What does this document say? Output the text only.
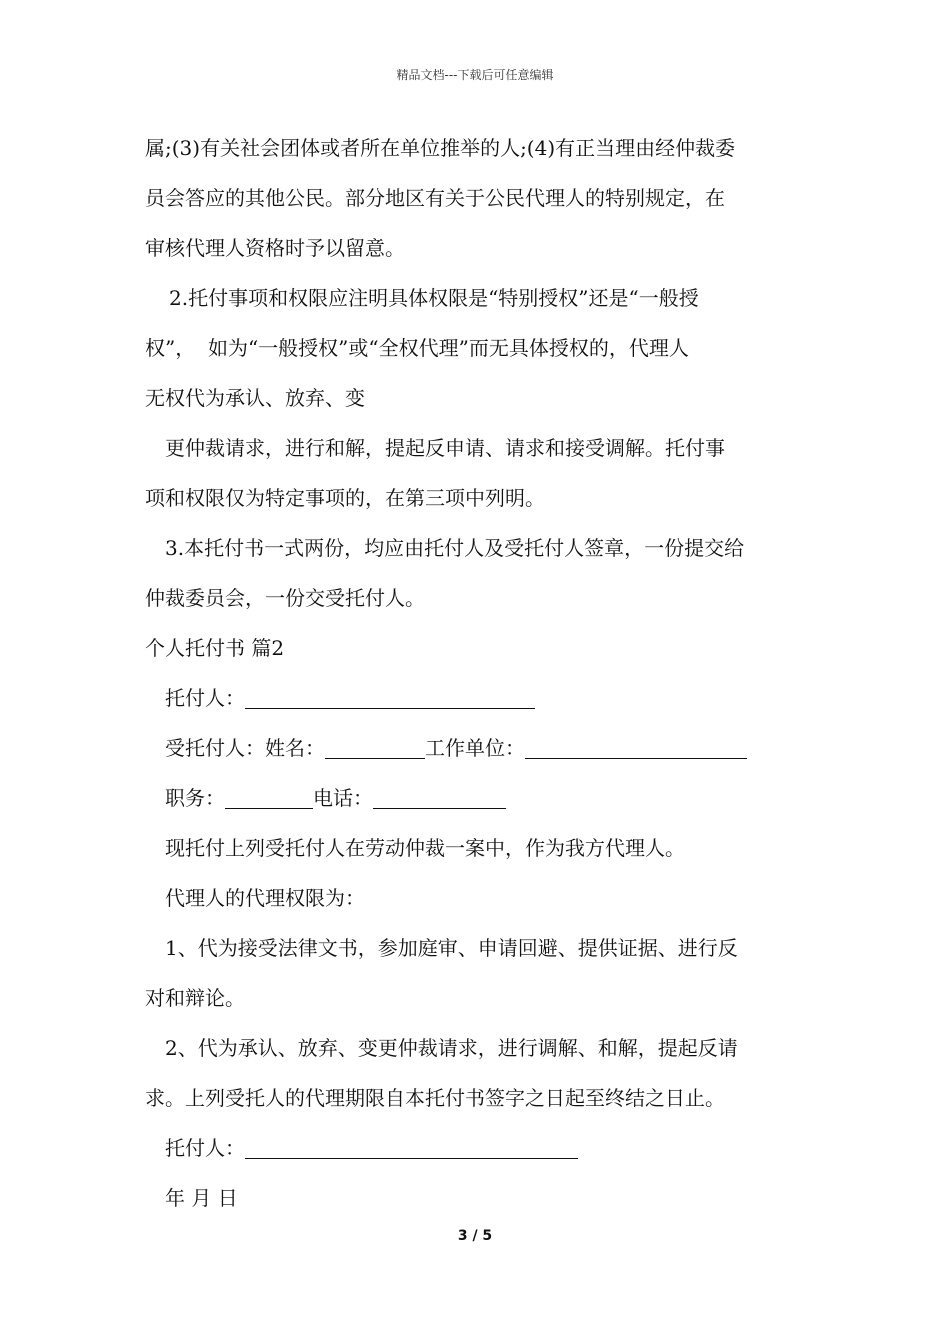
精品文档---下载后可任意编辑
属;(3)有关社会团体或者所在单位推举的人;(4)有正当理由经仲裁委
员会答应的其他公民。部分地区有关于公民代理人的特别规定，在
审核代理人资格时予以留意。
2.托付事项和权限应注明具体权限是“特别授权”还是“一般授
权”，  如为“一般授权”或“全权代理”而无具体授权的，代理人
无权代为承认、放弃、变
更仲裁请求，进行和解，提起反申请、请求和接受调解。托付事
项和权限仅为特定事项的，在第三项中列明。
3.本托付书一式两份，均应由托付人及受托付人签章，一份提交给
仲裁委员会，一份交受托付人。
个人托付书 篇2
托付人：
受托付人：姓名：	工作单位：
职务：	电话：
现托付上列受托付人在劳动仲裁一案中，作为我方代理人。
代理人的代理权限为：
1、代为接受法律文书，参加庭审、申请回避、提供证据、进行反
对和辩论。
2、代为承认、放弃、变更仲裁请求，进行调解、和解，提起反请
求。上列受托人的代理期限自本托付书签字之日起至终结之日止。
托付人：
年 月 日
3 / 5
